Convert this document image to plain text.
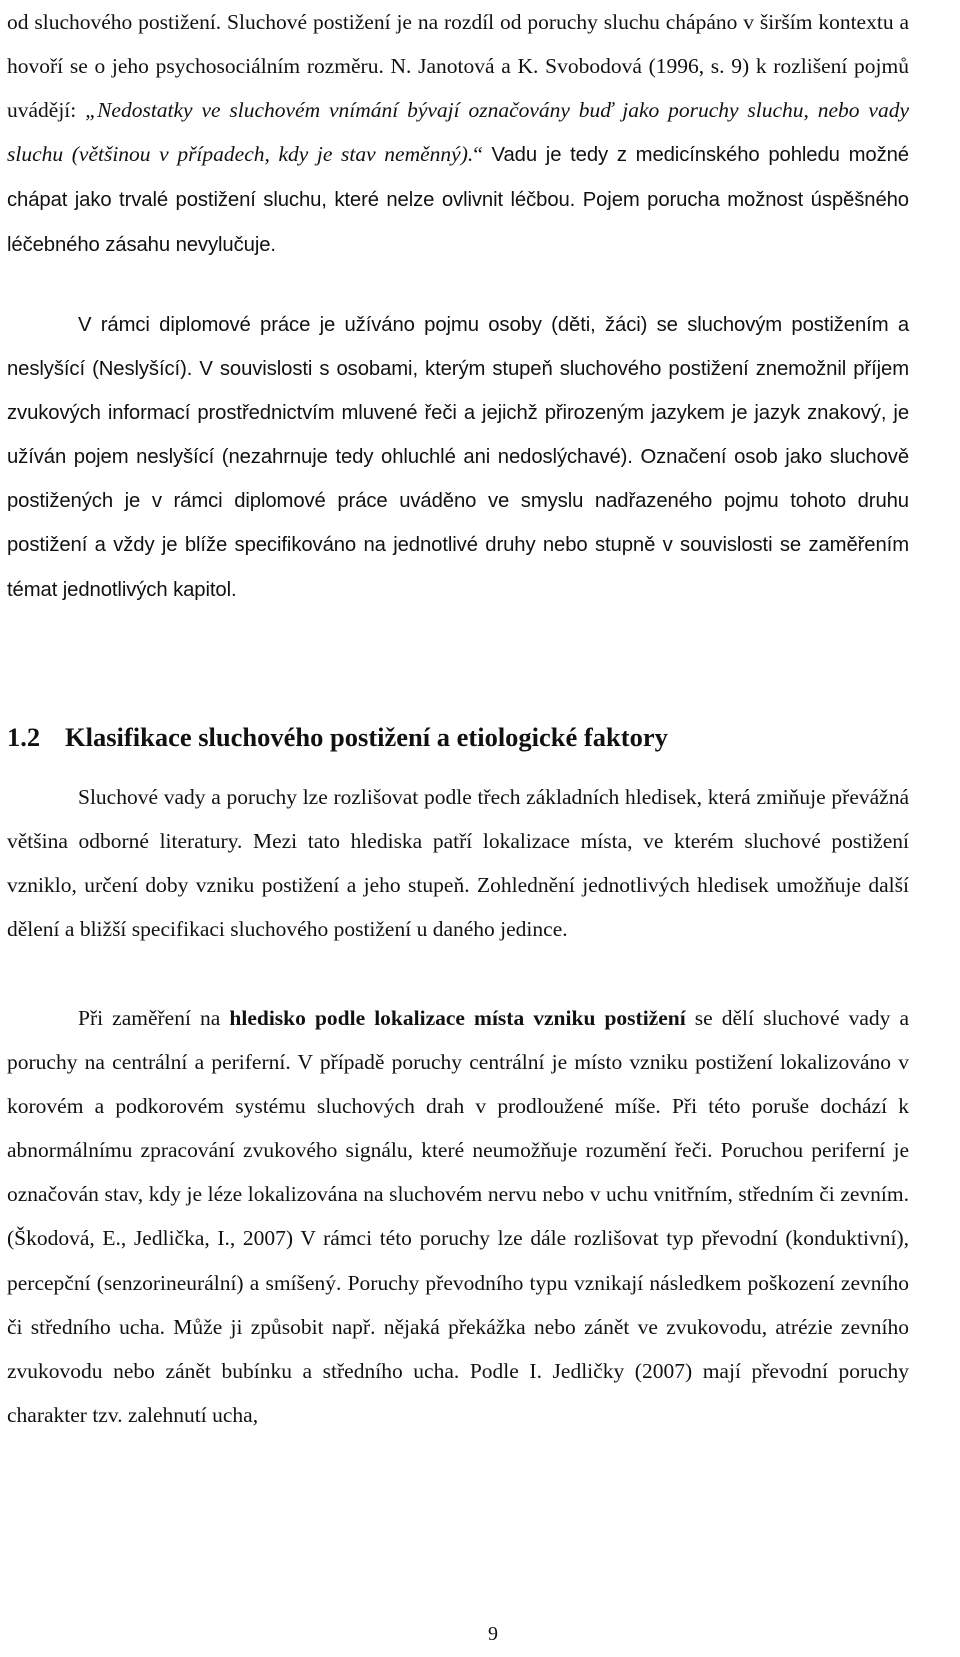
od sluchového postižení. Sluchové postižení je na rozdíl od poruchy sluchu chápáno v širším kontextu a hovoří se o jeho psychosociálním rozměru. N. Janotová a K. Svobodová (1996, s. 9) k rozlišení pojmů uvádějí: „Nedostatky ve sluchovém vnímání bývají označovány buď jako poruchy sluchu, nebo vady sluchu (většinou v případech, kdy je stav neměnný).“ Vadu je tedy z medicínského pohledu možné chápat jako trvalé postižení sluchu, které nelze ovlivnit léčbou. Pojem porucha možnost úspěšného léčebného zásahu nevylučuje.

V rámci diplomové práce je užíváno pojmu osoby (děti, žáci) se sluchovým postižením a neslyšící (Neslyšící). V souvislosti s osobami, kterým stupeň sluchového postižení znemožnil příjem zvukových informací prostřednictvím mluvené řeči a jejichž přirozeným jazykem je jazyk znakový, je užíván pojem neslyšící (nezahrnuje tedy ohluchlé ani nedoslýchavé). Označení osob jako sluchově postižených je v rámci diplomové práce uváděno ve smyslu nadřazeného pojmu tohoto druhu postižení a vždy je blíže specifikováno na jednotlivé druhy nebo stupně v souvislosti se zaměřením témat jednotlivých kapitol.

1.2 Klasifikace sluchového postižení a etiologické faktory

Sluchové vady a poruchy lze rozlišovat podle třech základních hledisek, která zmiňuje převážná většina odborné literatury. Mezi tato hlediska patří lokalizace místa, ve kterém sluchové postižení vzniklo, určení doby vzniku postižení a jeho stupeň. Zohlednění jednotlivých hledisek umožňuje další dělení a bližší specifikaci sluchového postižení u daného jedince.

Při zaměření na hledisko podle lokalizace místa vzniku postižení se dělí sluchové vady a poruchy na centrální a periferní. V případě poruchy centrální je místo vzniku postižení lokalizováno v korovém a podkorovém systému sluchových drah v prodloužené míše. Při této poruše dochází k abnormálnímu zpracování zvukového signálu, které neumožňuje rozumění řeči. Poruchou periferní je označován stav, kdy je léze lokalizována na sluchovém nervu nebo v uchu vnitřním, středním či zevním. (Škodová, E., Jedlička, I., 2007) V rámci této poruchy lze dále rozlišovat typ převodní (konduktivní), percepční (senzorineurální) a smíšený. Poruchy převodního typu vznikají následkem poškození zevního či středního ucha. Může ji způsobit např. nějaká překážka nebo zánět ve zvukovodu, atrézie zevního zvukovodu nebo zánět bubínku a středního ucha. Podle I. Jedličky (2007) mají převodní poruchy charakter tzv. zalehnutí ucha,

9
